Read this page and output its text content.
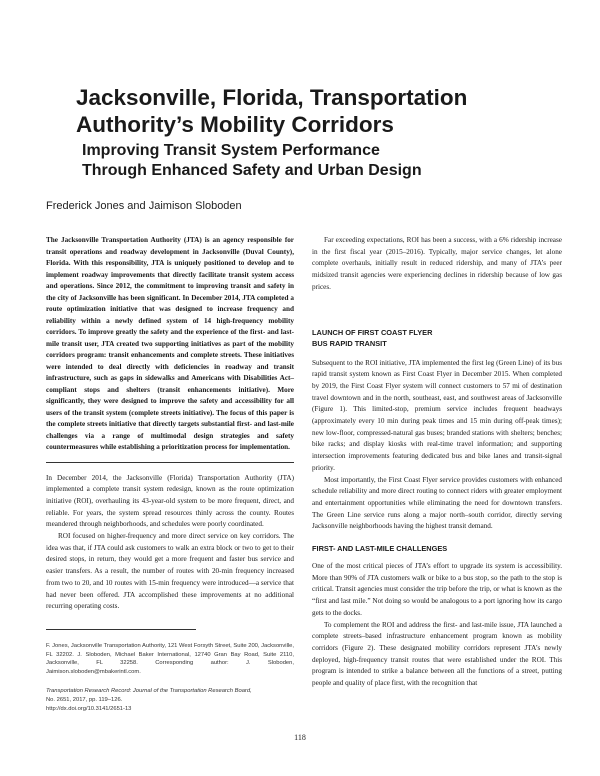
Jacksonville, Florida, Transportation
Authority’s Mobility Corridors
Improving Transit System Performance
Through Enhanced Safety and Urban Design
Frederick Jones and Jaimison Sloboden

The Jacksonville Transportation Authority (JTA) is an agency responsible for transit operations and roadway development in Jacksonville (Duval County), Florida. With this responsibility, JTA is uniquely positioned to develop and to implement roadway improvements that directly facilitate transit system access and operations. Since 2012, the commitment to improving transit and safety in the city of Jacksonville has been significant. In December 2014, JTA completed a route optimization initiative that was designed to increase frequency and reliability within a newly defined system of 14 high-frequency mobility corridors. To improve greatly the safety and the experience of the first- and last-mile transit user, JTA created two supporting initiatives as part of the mobility corridors program: transit enhancements and complete streets. These initiatives were intended to deal directly with deficiencies in roadway and transit infrastructure, such as gaps in sidewalks and Americans with Disabilities Act–compliant stops and shelters (transit enhancements initiative). More significantly, they were designed to improve the safety and accessibility for all users of the transit system (complete streets initiative). The focus of this paper is the complete streets initiative that directly targets substantial first- and last-mile challenges via a range of multimodal design strategies and safety countermeasures while establishing a prioritization process for implementation.

In December 2014, the Jacksonville (Florida) Transportation Authority (JTA) implemented a complete transit system redesign, known as the route optimization initiative (ROI), overhauling its 43-year-old system to be more frequent, direct, and reliable. For years, the system spread resources thinly across the county. Routes meandered through neighborhoods, and schedules were poorly coordinated.

ROI focused on higher-frequency and more direct service on key corridors. The idea was that, if JTA could ask customers to walk an extra block or two to get to their desired stops, in return, they would get a more frequent and faster bus service and easier transfers. As a result, the number of routes with 20-min frequency increased from two to 20, and 10 routes with 15-min frequency were introduced—a service that had never been offered. JTA accomplished these improvements at no additional recurring operating costs.

F. Jones, Jacksonville Transportation Authority, 121 West Forsyth Street, Suite 200, Jacksonville, FL 32202. J. Sloboden, Michael Baker International, 12740 Gran Bay Road, Suite 2110, Jacksonville, FL 32258. Corresponding author: J. Sloboden, Jaimison.sloboden@mbakerintl.com.

Transportation Research Record: Journal of the Transportation Research Board,

No. 2651, 2017, pp. 119–126.

http://dx.doi.org/10.3141/2651-13

Far exceeding expectations, ROI has been a success, with a 6% ridership increase in the first fiscal year (2015–2016). Typically, major service changes, let alone complete overhauls, initially result in reduced ridership, and many of JTA’s peer midsized transit agencies were experiencing declines in ridership because of low gas prices.

LAUNCH OF FIRST COAST FLYER
BUS RAPID TRANSIT

Subsequent to the ROI initiative, JTA implemented the first leg (Green Line) of its bus rapid transit system known as First Coast Flyer in December 2015. When completed by 2019, the First Coast Flyer system will connect customers to 57 mi of destination travel downtown and in the north, southeast, east, and southwest areas of Jacksonville (Figure 1). This limited-stop, premium service includes frequent headways (approximately every 10 min during peak times and 15 min during off-peak times); new low-floor, compressed-natural gas buses; branded stations with shelters; benches; bike racks; and display kiosks with real-time travel information; and supporting intersection improvements featuring dedicated bus and bike lanes and transit-signal priority.

Most importantly, the First Coast Flyer service provides customers with enhanced schedule reliability and more direct routing to connect riders with greater employment and entertainment opportunities while eliminating the need for downtown transfers. The Green Line service runs along a major north–south corridor, directly serving Jacksonville neighborhoods having the highest transit demand.

FIRST- AND LAST-MILE CHALLENGES

One of the most critical pieces of JTA’s effort to upgrade its system is accessibility. More than 90% of JTA customers walk or bike to a bus stop, so the path to the stop is critical. Transit agencies must consider the trip before the trip, or what is known as the “first and last mile.” Not doing so would be analogous to a port ignoring how its cargo gets to the docks.

To complement the ROI and address the first- and last-mile issue, JTA launched a complete streets–based infrastructure enhancement program known as mobility corridors (Figure 2). These designated mobility corridors represent JTA’s newly deployed, high-frequency transit routes that were established under the ROI. This program is intended to strike a balance between all the functions of a street, putting people and quality of place first, with the recognition that

118
